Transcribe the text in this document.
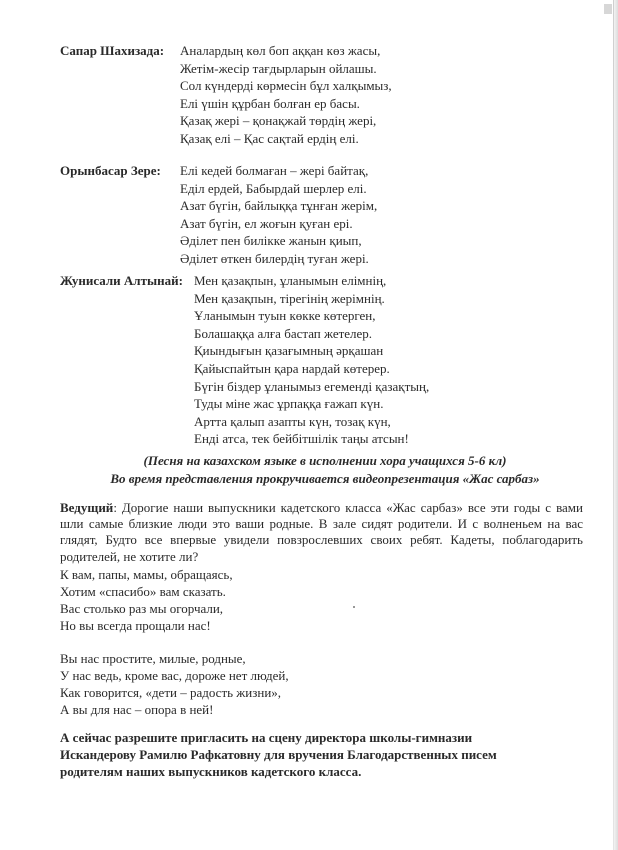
Сапар Шахизада: Аналардың көл боп аққан көз жасы,
Жетім-жесір тағдырларын ойлашы.
Сол күндерді көрмесін бұл халқымыз,
Елі үшін құрбан болған ер басы.
Қазақ жері – қонақжай төрдің жері,
Қазақ елі – Қас сақтай ердің елі.
Орынбасар Зере: Елі кедей болмаған – жері байтақ,
Еділ ердей, Бабырдай шерлер елі.
Азат бүгін, байлыққа тұнған жерім,
Азат бүгін, ел жоғын қуған ері.
Әділет пен билікке жанын қиып,
Әділет өткен билердің туған жері.
Жунисали Алтынай: Мен қазақпын, ұланымын елімнің,
Мен қазақпын, тірегінің жерімнің.
Ұланымын туын көкке көтерген,
Болашаққа алға бастап жетелер.
Қиындығын қазағымның әрқашан
Қайыспайтын қара нардай көтерер.
Бүгін біздер ұланымыз егеменді қазақтың,
Туды міне жас ұрпаққа ғажап күн.
Артта қалып азапты күн, тозақ күн,
Енді атса, тек бейбітшілік таңы атсын!
(Песня на казахском языке в исполнении хора учащихся 5-6 кл)
Во время представления прокручивается видеопрезентация «Жас сарбаз»
Ведущий: Дорогие наши выпускники кадетского класса «Жас сарбаз» все эти годы с вами шли самые близкие люди это ваши родные. В зале сидят родители. И с волненьем на вас глядят, Будто все впервые увидели повзрослевших своих ребят. Кадеты, поблагодарить родителей, не хотите ли?
К вам, папы, мамы, обращаясь,
Хотим «спасибо» вам сказать.
Вас столько раз мы огорчали,
Но вы всегда прощали нас!
Вы нас простите, милые, родные,
У нас ведь, кроме вас, дороже нет людей,
Как говорится, «дети – радость жизни»,
А вы для нас – опора в ней!
А сейчас разрешите пригласить на сцену директора школы-гимназии
Искандерову Рамилю Рафкатовну для вручения Благодарственных писем
родителям наших выпускников кадетского класса.
